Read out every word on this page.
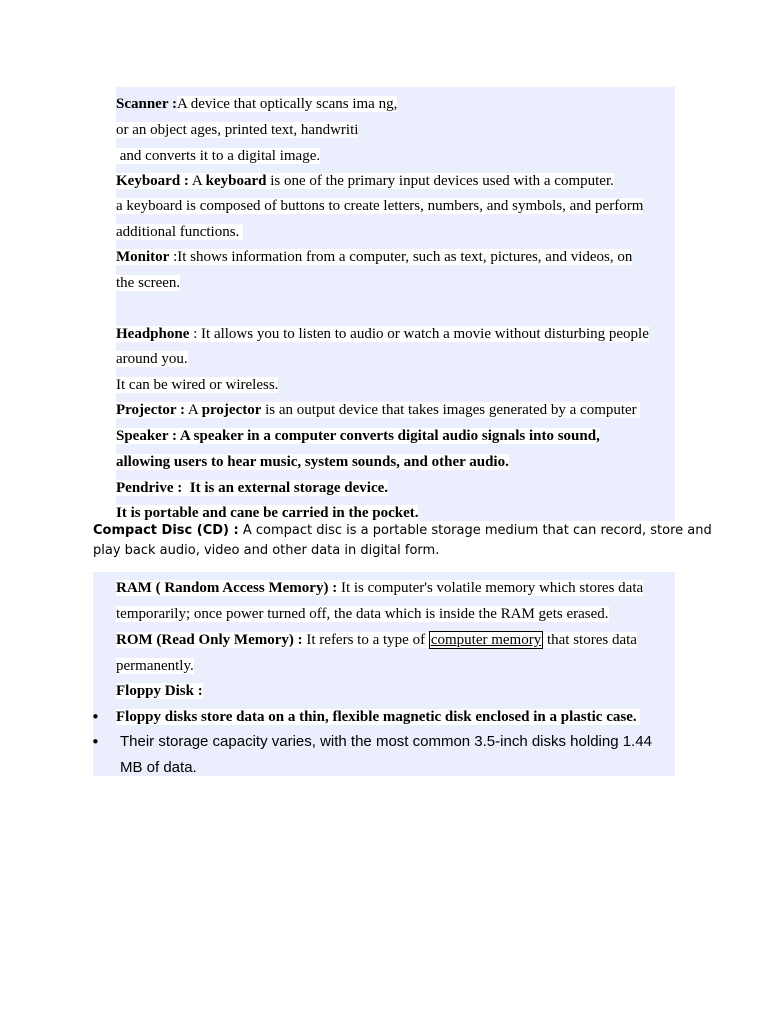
Scanner :A device that optically scans ima ng,
or an object ages, printed text, handwriti
and converts it to a digital image.
Keyboard : A keyboard is one of the primary input devices used with a computer.
a keyboard is composed of buttons to create letters, numbers, and symbols, and perform
additional functions.
Monitor :It shows information from a computer, such as text, pictures, and videos, on
the screen.
Headphone : It allows you to listen to audio or watch a movie without disturbing people
around you.
It can be wired or wireless.
Projector : A projector is an output device that takes images generated by a computer
Speaker : A speaker in a computer converts digital audio signals into sound,
allowing users to hear music, system sounds, and other audio.
Pendrive :  It is an external storage device.
It is portable and cane be carried in the pocket.
Compact Disc (CD) : A compact disc is a portable storage medium that can record, store and
play back audio, video and other data in digital form.
RAM ( Random Access Memory) : It is computer's volatile memory which stores data
temporarily; once power turned off, the data which is inside the RAM gets erased.
ROM (Read Only Memory) : It refers to a type of computer memory that stores data
permanently.
Floppy Disk :
• Floppy disks store data on a thin, flexible magnetic disk enclosed in a plastic case.
• Their storage capacity varies, with the most common 3.5-inch disks holding 1.44
MB of data.
